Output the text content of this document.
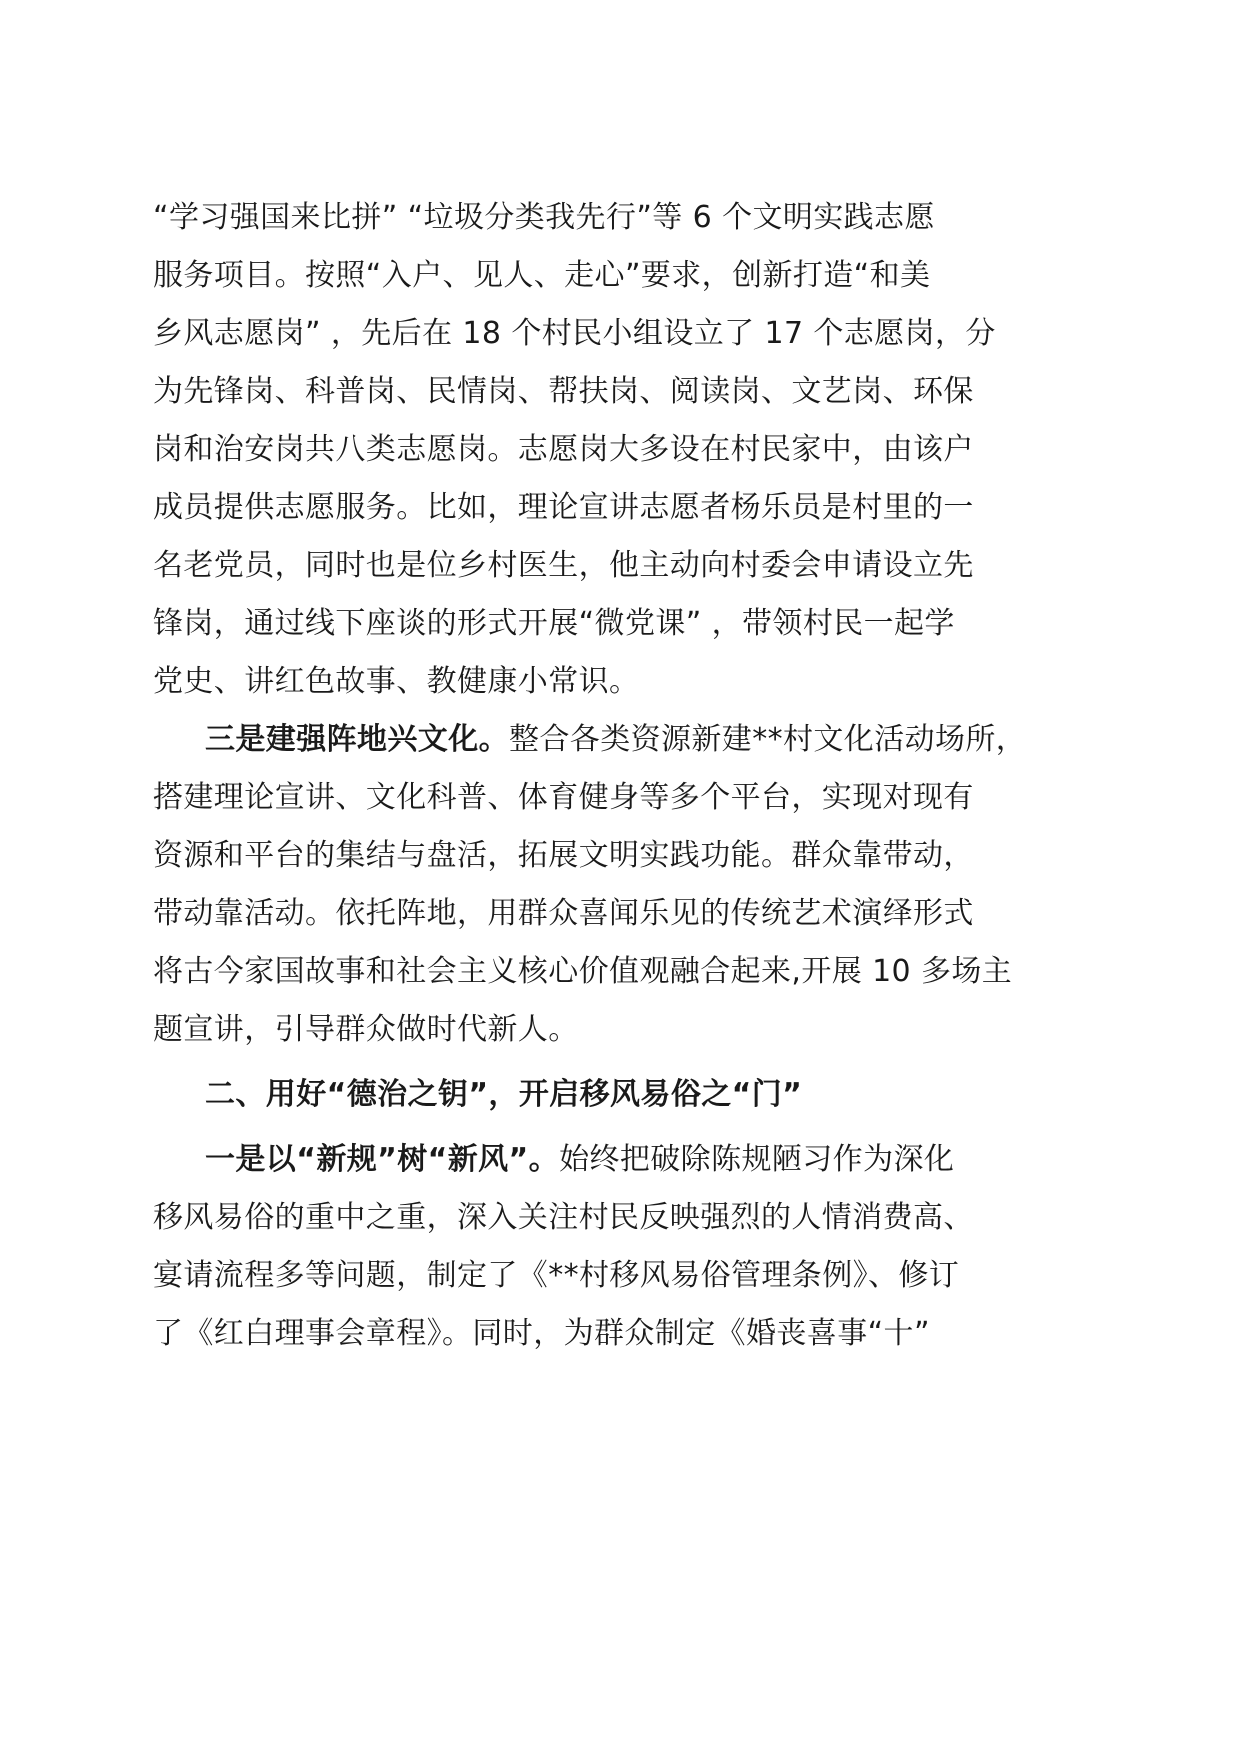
“学习强国来比拼” “垃圾分类我先行”等 6 个文明实践志愿
服务项目。按照“入户、见人、走心”要求，创新打造“和美
乡风志愿岗” ，先后在 18 个村民小组设立了 17 个志愿岗，分
为先锋岗、科普岗、民情岗、帮扶岗、阅读岗、文艺岗、环保
岗和治安岗共八类志愿岗。志愿岗大多设在村民家中，由该户
成员提供志愿服务。比如，理论宣讲志愿者杨乐员是村里的一
名老党员，同时也是位乡村医生，他主动向村委会申请设立先
锋岗，通过线下座谈的形式开展“微党课” ，带领村民一起学
党史、讲红色故事、教健康小常识。
三是建强阵地兴文化。整合各类资源新建**村文化活动场所，
搭建理论宣讲、文化科普、体育健身等多个平台，实现对现有
资源和平台的集结与盘活，拓展文明实践功能。群众靠带动，
带动靠活动。依托阵地，用群众喜闻乐见的传统艺术演绎形式
将古今家国故事和社会主义核心价值观融合起来,开展 10 多场主
题宣讲，引导群众做时代新人。
二、用好“德治之钥”，开启移风易俗之“门”
一是以“新规”树“新风”。始终把破除陈规陋习作为深化
移风易俗的重中之重，深入关注村民反映强烈的人情消费高、
宴请流程多等问题，制定了《**村移风易俗管理条例》、修订
了《红白理事会章程》。同时，为群众制定《婚丧喜事“十”
